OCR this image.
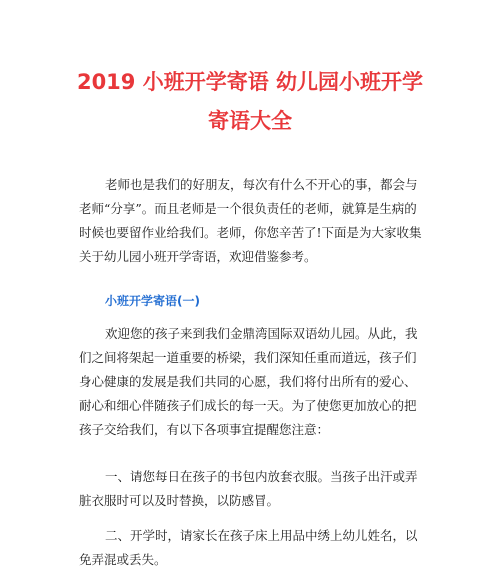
2019 小班开学寄语 幼儿园小班开学
寄语大全
老师也是我们的好朋友，每次有什么不开心的事，都会与
老师“分享”。而且老师是一个很负责任的老师，就算是生病的
时候也要留作业给我们。老师，你您辛苦了!下面是为大家收集
关于幼儿园小班开学寄语，欢迎借鉴参考。
小班开学寄语(一)
欢迎您的孩子来到我们金鼎湾国际双语幼儿园。从此，我
们之间将架起一道重要的桥梁，我们深知任重而道远，孩子们
身心健康的发展是我们共同的心愿，我们将付出所有的爱心、
耐心和细心伴随孩子们成长的每一天。为了使您更加放心的把
孩子交给我们，有以下各项事宜提醒您注意：
一、请您每日在孩子的书包内放套衣服。当孩子出汗或弄
脏衣服时可以及时替换，以防感冒。
二、开学时，请家长在孩子床上用品中绣上幼儿姓名，以
免弄混或丢失。
